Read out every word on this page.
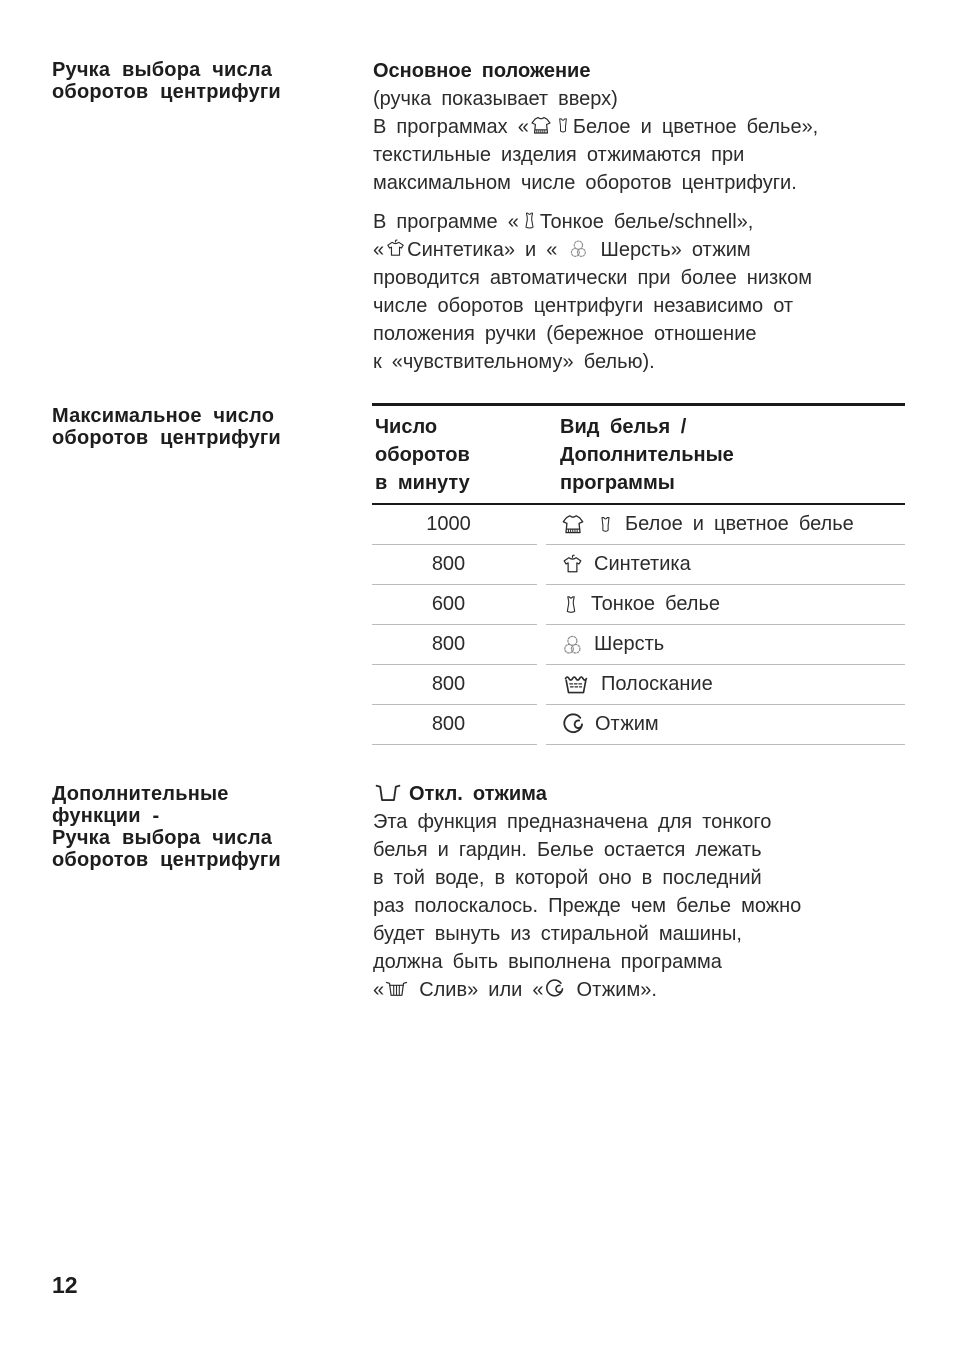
Ручка выбора числа
оборотов центрифуги
Основное положение
(ручка показывает вверх)
В программах « Белое и цветное белье»,
текстильные изделия отжимаются при
максимальном числе оборотов центрифуги.
В программе « Тонкое белье/schnell»,
« Синтетика» и « Шерсть» отжим
проводится автоматически при более низком
числе оборотов центрифуги независимо от
положения ручки (бережное отношение
к «чувствительному» белью).
Максимальное число
оборотов центрифуги	Число
оборотов
в минуту
Вид белья /
Дополнительные
программы
1000	Белое и цветное белье
800	Синтетика
600	Тонкое белье
800	Шерсть
800	Полоскание
800	Отжим
Дополнительные
функции -
Ручка выбора числа
оборотов центрифуги
Откл. отжима
Эта функция предназначена для тонкого
белья и гардин. Белье остается лежать
в той воде, в которой оно в последний
раз полоскалось. Прежде чем белье можно
будет вынуть из стиральной машины,
должна быть выполнена программа
« Слив» или « Отжим».
12
